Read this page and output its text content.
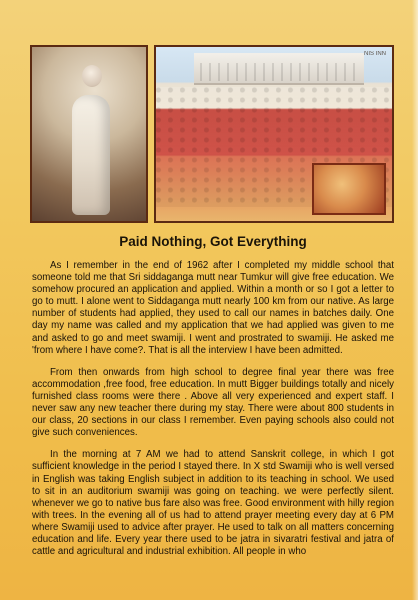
NIS INN
Paid Nothing, Got Everything

As I remember in the end of 1962 after I completed my middle school that someone told me that Sri siddaganga mutt near Tumkur will give free education. We somehow procured an application and applied. Within a month or so I got a letter to go to mutt. I alone went to Siddaganga mutt nearly 100 km from our native. As large number of students had applied, they used to call our names in batches daily. One day my name was called and my application that we had applied was given to me and asked to go and meet swamiji. I went and prostrated to swamiji. He asked me 'from where I have come?. That is all the interview I have been admitted.

From then onwards from high school to degree final year there was free accommodation ,free food, free education. In mutt Bigger buildings totally and nicely furnished class rooms were there . Above all very experienced and expert staff. I never saw any new teacher there during my stay. There were about 800 students in our class, 20 sections in our class I remember. Even paying schools also could not give such conveniences.

In the morning at 7 AM we had to attend Sanskrit college, in which I got sufficient knowledge in the period I stayed there. In X std Swamiji who is well versed in English was taking English subject in addition to its teaching in school. We used to sit in an auditorium swamiji was going on teaching. we were perfectly silent. whenever we go to native bus fare also was free. Good environment with hilly region with trees. In the evening all of us had to attend prayer meeting every day at 6 PM where Swamiji used to advice after prayer. He used to talk on all matters concerning education and life. Every year there used to be jatra in sivaratri festival and jatra of cattle and agricultural and industrial exhibition. All people in who
